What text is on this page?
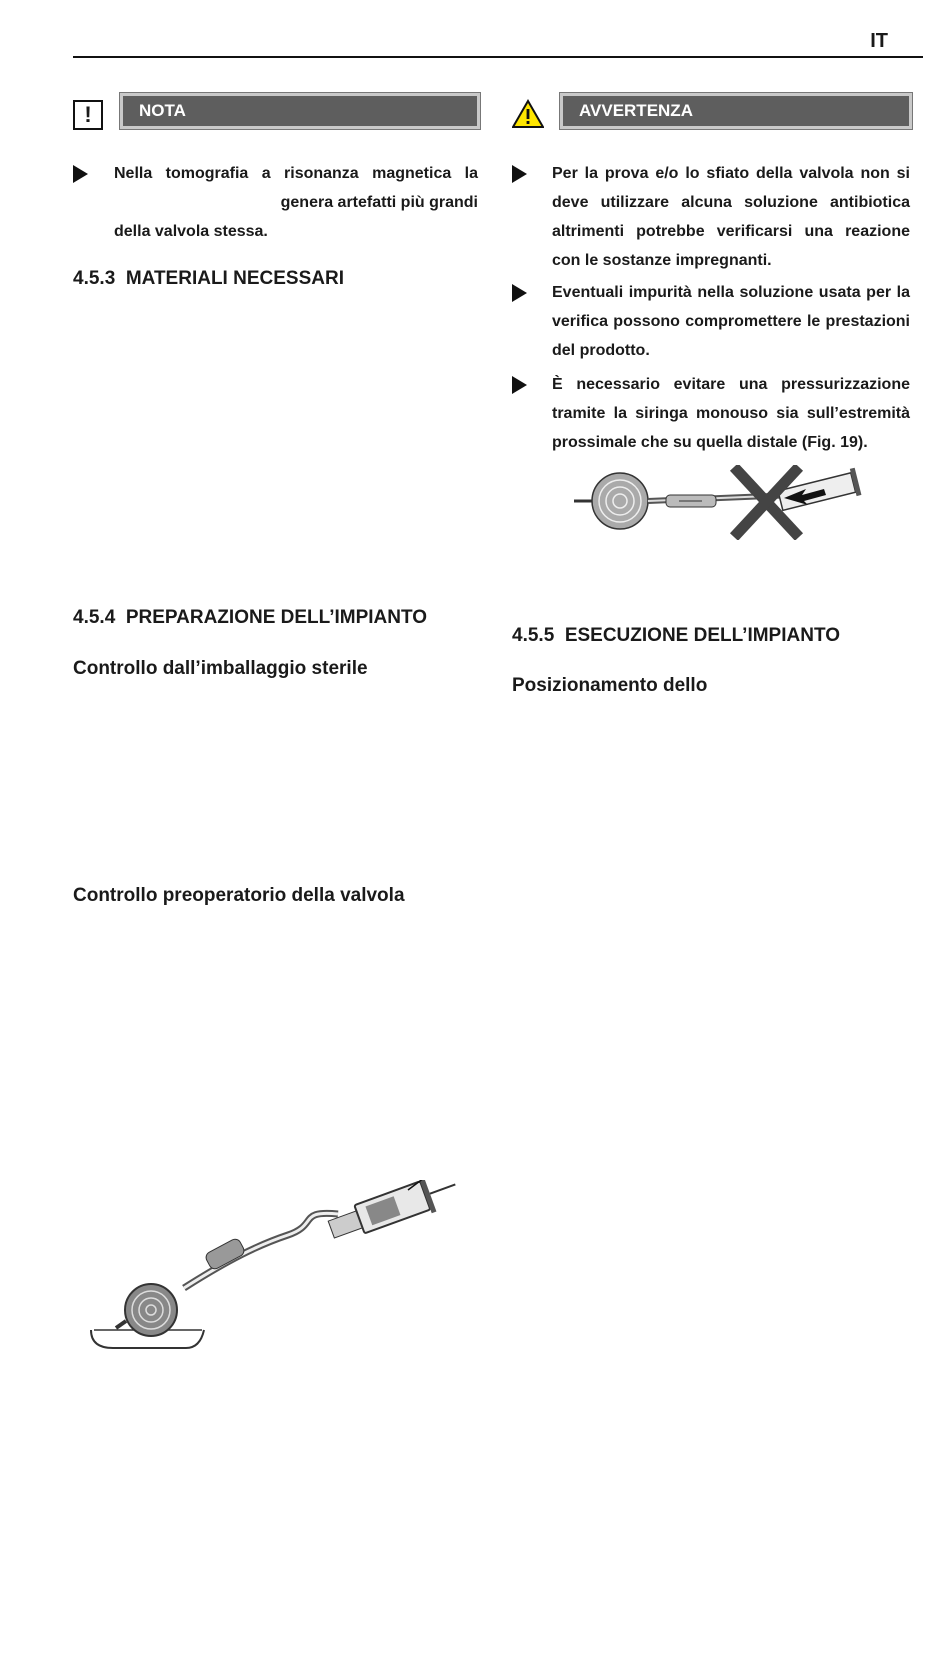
IT
!	NOTA
Nella tomografia a risonanza magnetica la
genera artefatti più grandi
della valvola stessa.
4.5.3  MATERIALI NECESSARI
4.5.4  PREPARAZIONE DELL’IMPIANTO
Controllo dall’imballaggio sterile
Controllo preoperatorio della valvola
AVVERTENZA
Per la prova e/o lo sfiato della valvola non si deve utilizzare alcuna soluzione antibiotica altrimenti potrebbe verificarsi una reazione con le sostanze impregnanti.
Eventuali impurità nella soluzione usata per la verifica possono compromettere le prestazioni del prodotto.
È necessario evitare una pressurizzazione tramite la siringa monouso sia sull’estremità prossimale che su quella distale (Fig. 19).
4.5.5  ESECUZIONE DELL’IMPIANTO
Posizionamento dello
